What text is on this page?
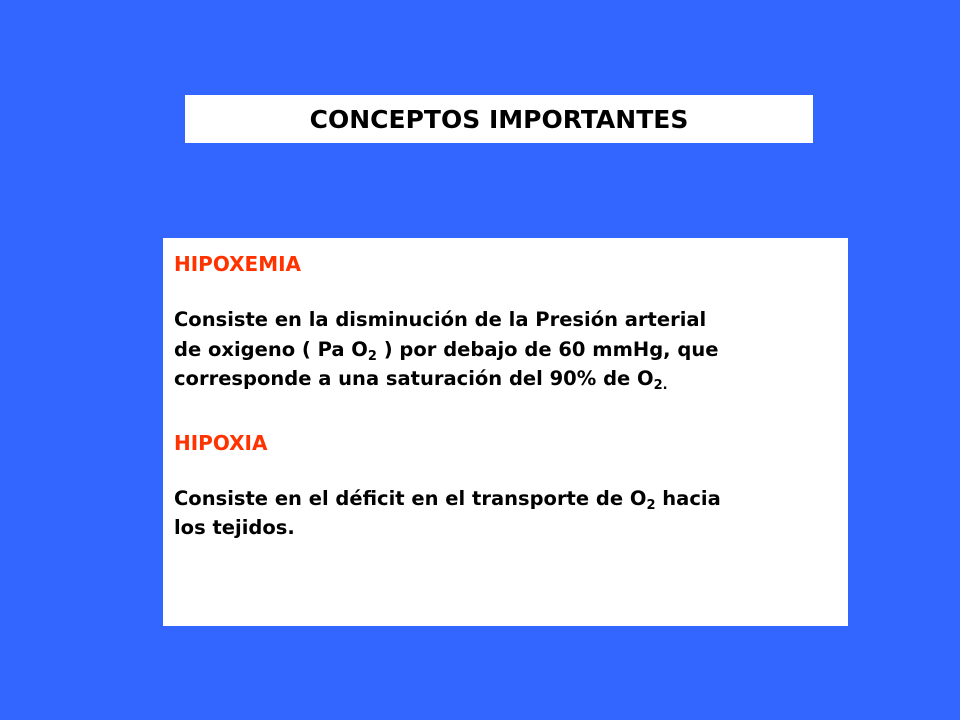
CONCEPTOS IMPORTANTES

HIPOXEMIA

Consiste en la disminución de la Presión arterial
de oxigeno ( Pa $O_2$ ) por debajo de 60 mmHg, que
corresponde a una saturación del 90% de $O_{2.}$

HIPOXIA

Consiste en el déficit en el transporte de $O_2$ hacia
los tejidos.
